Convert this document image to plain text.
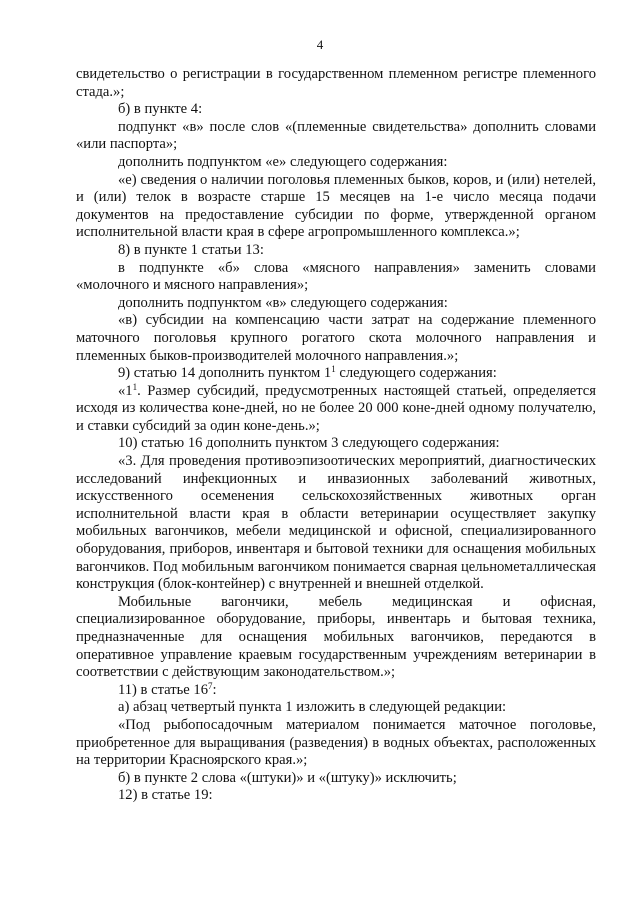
4

свидетельство о регистрации в государственном племенном регистре племенного стада.»;

б) в пункте 4:

подпункт «в» после слов «(племенные свидетельства» дополнить словами «или паспорта»;

дополнить подпунктом «е» следующего содержания:

«е) сведения о наличии поголовья племенных быков, коров, и (или) нетелей, и (или) телок в возрасте старше 15 месяцев на 1-е число месяца подачи документов на предоставление субсидии по форме, утвержденной органом исполнительной власти края в сфере агропромышленного комплекса.»;

8) в пункте 1 статьи 13:

в подпункте «б» слова «мясного направления» заменить словами «молочного и мясного направления»;

дополнить подпунктом «в» следующего содержания:

«в) субсидии на компенсацию части затрат на содержание племенного маточного поголовья крупного рогатого скота молочного направления и племенных быков-производителей молочного направления.»;

9) статью 14 дополнить пунктом $1^1$ следующего содержания:

«$1^1$. Размер субсидий, предусмотренных настоящей статьей, определяется исходя из количества коне-дней, но не более 20 000 коне-дней одному получателю, и ставки субсидий за один коне-день.»;

10) статью 16 дополнить пунктом 3 следующего содержания:

«3. Для проведения противоэпизоотических мероприятий, диагностических исследований инфекционных и инвазионных заболеваний животных, искусственного осеменения сельскохозяйственных животных орган исполнительной власти края в области ветеринарии осуществляет закупку мобильных вагончиков, мебели медицинской и офисной, специализированного оборудования, приборов, инвентаря и бытовой техники для оснащения мобильных вагончиков. Под мобильным вагончиком понимается сварная цельнометаллическая конструкция (блок-контейнер) с внутренней и внешней отделкой.

Мобильные вагончики, мебель медицинская и офисная, специализированное оборудование, приборы, инвентарь и бытовая техника, предназначенные для оснащения мобильных вагончиков, передаются в оперативное управление краевым государственным учреждениям ветеринарии в соответствии с действующим законодательством.»;

11) в статье $16^7$:

а) абзац четвертый пункта 1 изложить в следующей редакции:

«Под рыбопосадочным материалом понимается маточное поголовье, приобретенное для выращивания (разведения) в водных объектах, расположенных на территории Красноярского края.»;

б) в пункте 2 слова «(штуки)» и «(штуку)» исключить;

12) в статье 19:
